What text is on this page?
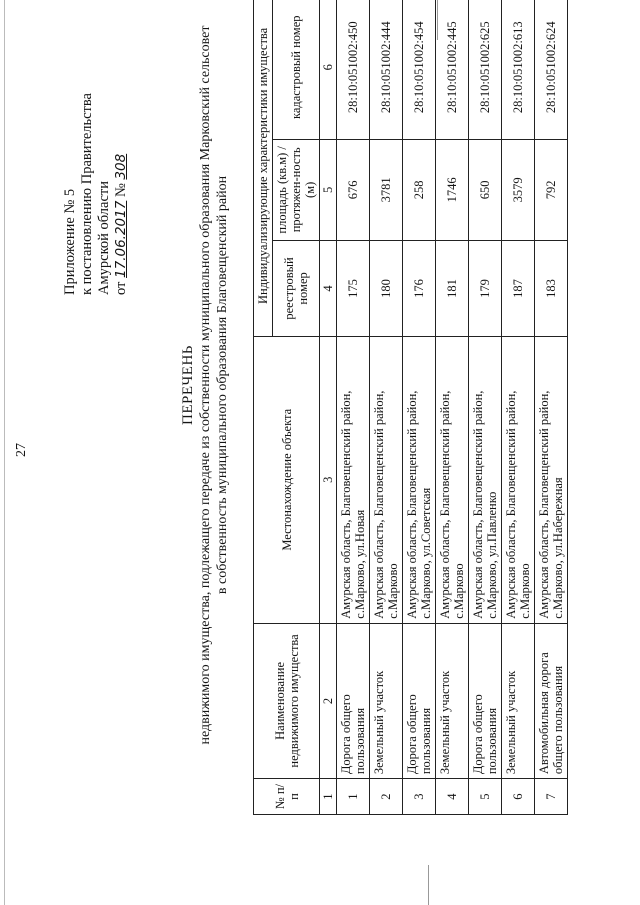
27
Приложение № 5 к постановлению Правительства Амурской области от 17.06.2017 № 308
ПЕРЕЧЕНЬ недвижимого имущества, подлежащего передаче из собственности муниципального образования Марковский сельсовет в собственность муниципального образования Благовещенский район
№ п/п	Наименование недвижимого имущества	Местонахождение объекта	Индивидуализирующие характеристики имущества		
			реестровый номер	площадь (кв.м) / протяжен-ность (м)	кадастровый номер
1	2	3	4	5	6
1	Дорога общего пользования	Амурская область, Благовещенский район, с.Марково, ул.Новая	175	676	28:10:051002:450
2	Земельный участок	Амурская область, Благовещенский район, с.Марково	180	3781	28:10:051002:444
3	Дорога общего пользования	Амурская область, Благовещенский район, с.Марково, ул.Советская	176	258	28:10:051002:454
4	Земельный участок	Амурская область, Благовещенский район, с.Марково	181	1746	28:10:051002:445
5	Дорога общего пользования	Амурская область, Благовещенский район, с.Марково, ул.Павленко	179	650	28:10:051002:625
6	Земельный участок	Амурская область, Благовещенский район, с.Марково	187	3579	28:10:051002:613
7	Автомобильная дорога общего пользования	Амурская область, Благовещенский район, с.Марково, ул.Набережная	183	792	28:10:051002:624
